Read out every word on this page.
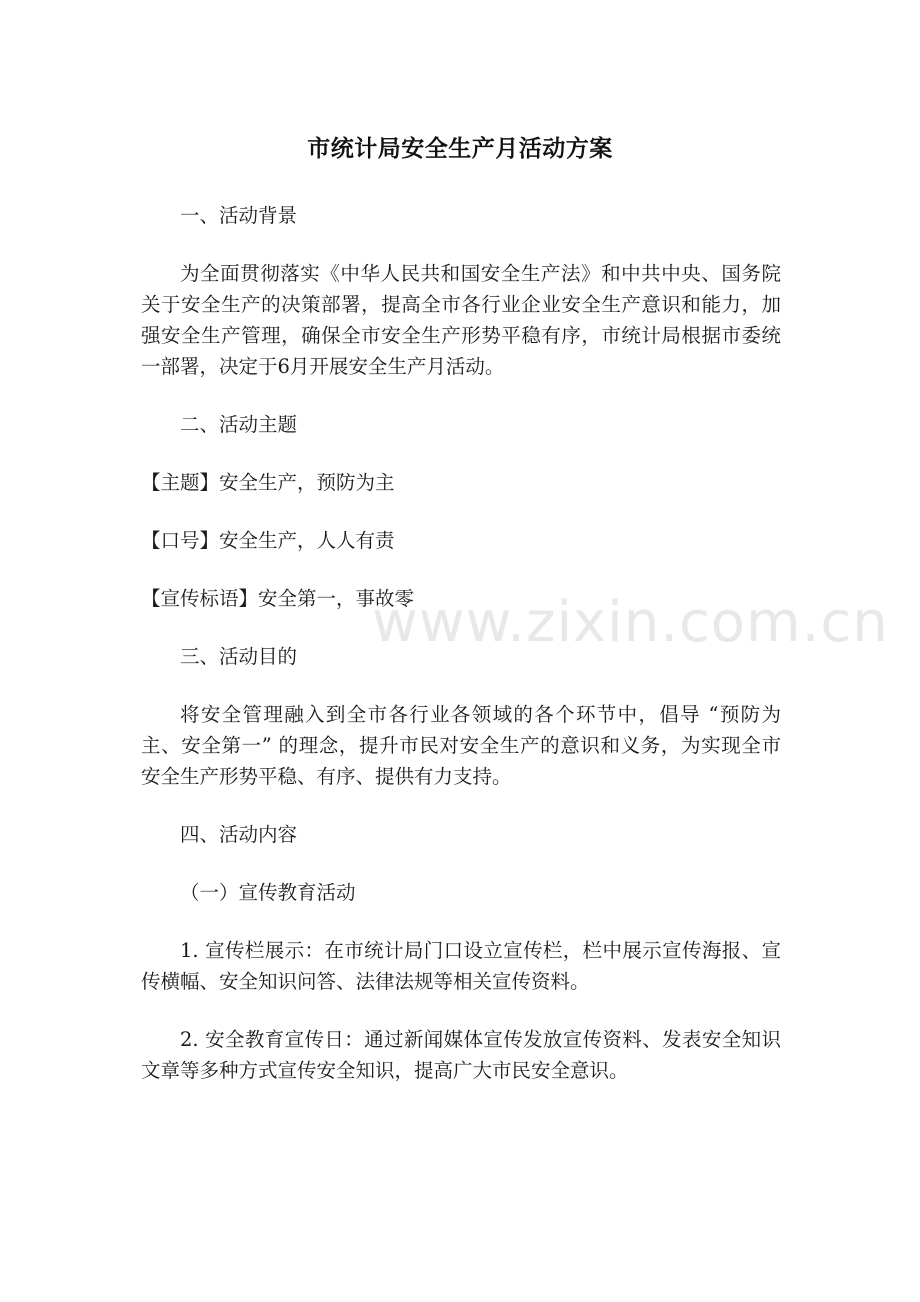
www.zixin.com.cn
市统计局安全生产月活动方案

一、活动背景

为全面贯彻落实《中华人民共和国安全生产法》和中共中央、国务院关于安全生产的决策部署，提高全市各行业企业安全生产意识和能力，加强安全生产管理，确保全市安全生产形势平稳有序，市统计局根据市委统一部署，决定于6月开展安全生产月活动。

二、活动主题

【主题】安全生产，预防为主

【口号】安全生产，人人有责

【宣传标语】安全第一，事故零

三、活动目的

将安全管理融入到全市各行业各领域的各个环节中，倡导 “预防为主、安全第一” 的理念，提升市民对安全生产的意识和义务，为实现全市安全生产形势平稳、有序、提供有力支持。

四、活动内容

（一）宣传教育活动

1. 宣传栏展示：在市统计局门口设立宣传栏，栏中展示宣传海报、宣传横幅、安全知识问答、法律法规等相关宣传资料。

2. 安全教育宣传日：通过新闻媒体宣传发放宣传资料、发表安全知识文章等多种方式宣传安全知识，提高广大市民安全意识。
